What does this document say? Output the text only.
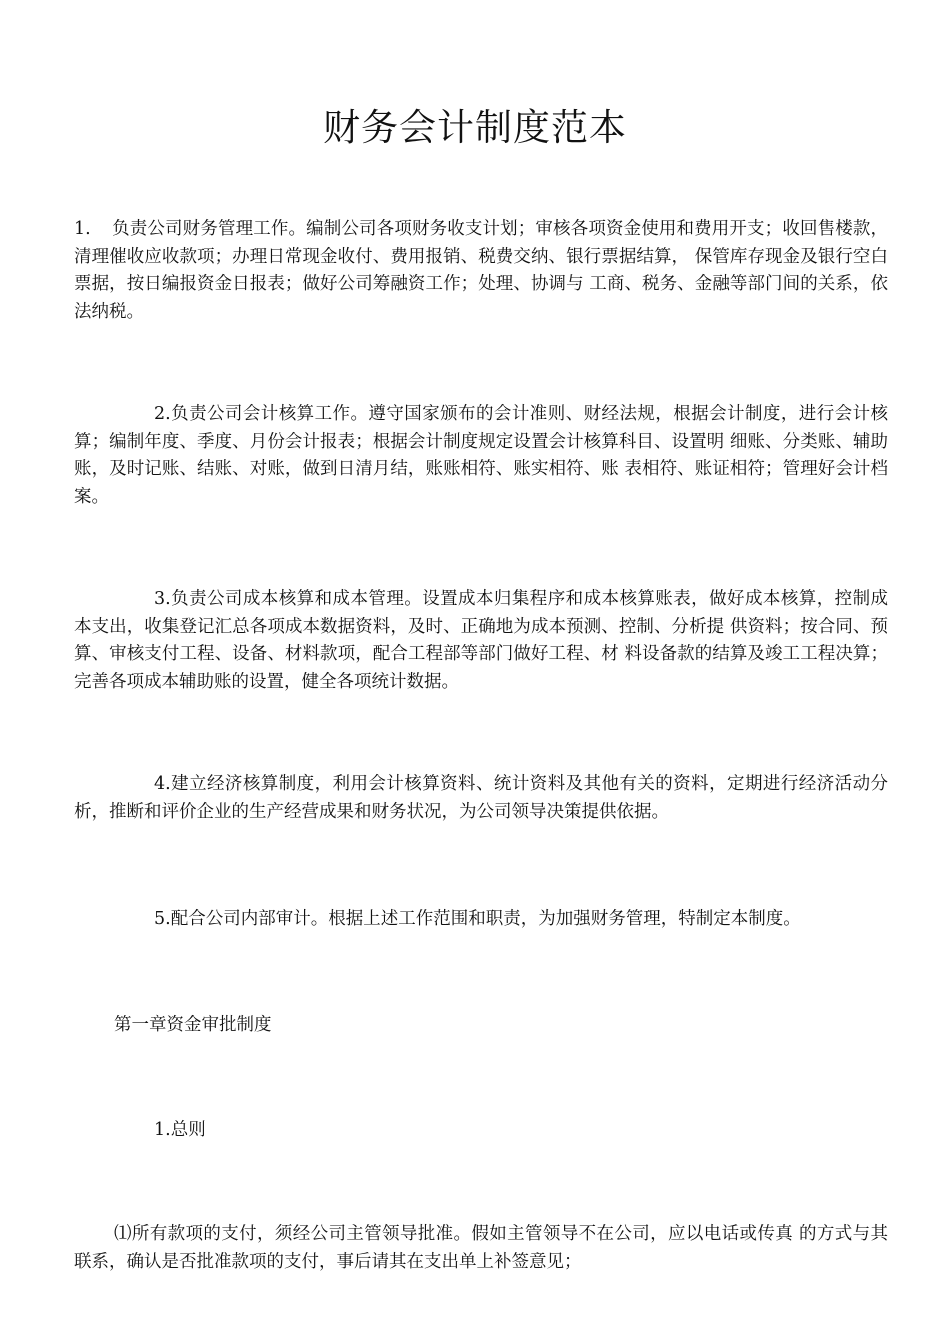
财务会计制度范本

1. 负责公司财务管理工作。编制公司各项财务收支计划；审核各项资金使用和费用开支；收回售楼款，清理催收应收款项；办理日常现金收付、费用报销、税费交纳、银行票据结算， 保管库存现金及银行空白票据，按日编报资金日报表；做好公司筹融资工作；处理、协调与 工商、税务、金融等部门间的关系，依法纳税。

2.负责公司会计核算工作。遵守国家颁布的会计准则、财经法规，根据会计制度，进行会计核算；编制年度、季度、月份会计报表；根据会计制度规定设置会计核算科目、设置明 细账、分类账、辅助账，及时记账、结账、对账，做到日清月结，账账相符、账实相符、账 表相符、账证相符；管理好会计档案。

3.负责公司成本核算和成本管理。设置成本归集程序和成本核算账表，做好成本核算，控制成本支出，收集登记汇总各项成本数据资料，及时、正确地为成本预测、控制、分析提 供资料；按合同、预算、审核支付工程、设备、材料款项，配合工程部等部门做好工程、材 料设备款的结算及竣工工程决算；完善各项成本辅助账的设置，健全各项统计数据。

4.建立经济核算制度，利用会计核算资料、统计资料及其他有关的资料，定期进行经济活动分析，推断和评价企业的生产经营成果和财务状况，为公司领导决策提供依据。

5.配合公司内部审计。根据上述工作范围和职责，为加强财务管理，特制定本制度。

第一章资金审批制度

1.总则

⑴所有款项的支付，须经公司主管领导批准。假如主管领导不在公司，应以电话或传真 的方式与其联系，确认是否批准款项的支付，事后请其在支出单上补签意见；
